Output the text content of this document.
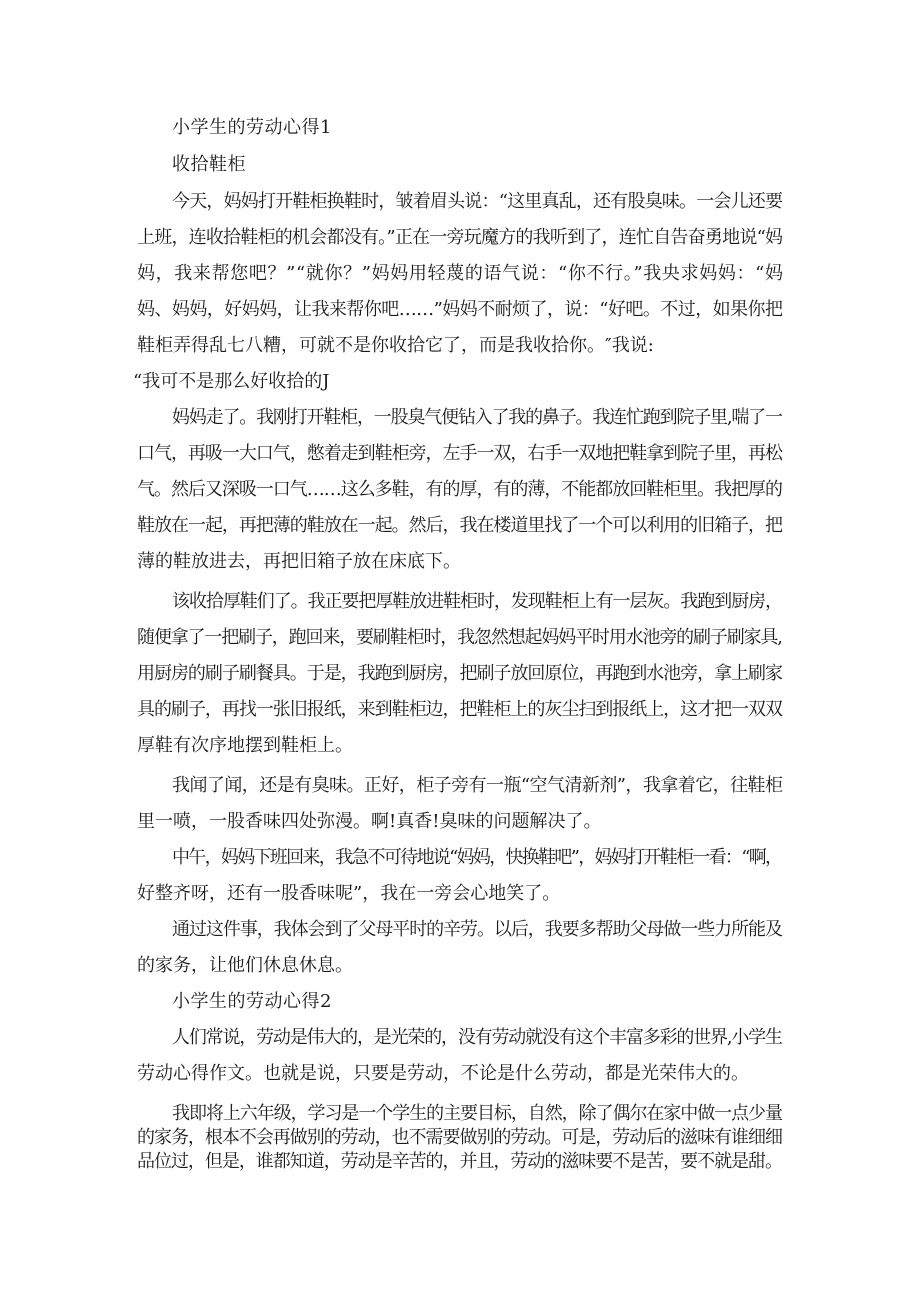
小学生的劳动心得1
收拾鞋柜
今天，妈妈打开鞋柜换鞋时，皱着眉头说：“这里真乱，还有股臭味。一会儿还要
上班，连收拾鞋柜的机会都没有。”正在一旁玩魔方的我听到了，连忙自告奋勇地说“妈
妈，我来帮您吧？”“就你？”妈妈用轻蔑的语气说：“你不行。”我央求妈妈：“妈
妈、妈妈，好妈妈，让我来帮你吧……”妈妈不耐烦了，说：“好吧。不过，如果你把
鞋柜弄得乱七八糟，可就不是你收拾它了，而是我收拾你。″我说:
“我可不是那么好收拾的J
妈妈走了。我刚打开鞋柜，一股臭气便钻入了我的鼻子。我连忙跑到院子里,喘了一
口气，再吸一大口气，憋着走到鞋柜旁，左手一双，右手一双地把鞋拿到院子里，再松
气。然后又深吸一口气……这么多鞋，有的厚，有的薄，不能都放回鞋柜里。我把厚的
鞋放在一起，再把薄的鞋放在一起。然后，我在楼道里找了一个可以利用的旧箱子，把
薄的鞋放进去，再把旧箱子放在床底下。
该收拾厚鞋们了。我正要把厚鞋放进鞋柜时，发现鞋柜上有一层灰。我跑到厨房，
随便拿了一把刷子，跑回来，要刷鞋柜时，我忽然想起妈妈平时用水池旁的刷子刷家具,
用厨房的刷子刷餐具。于是，我跑到厨房，把刷子放回原位，再跑到水池旁，拿上刷家
具的刷子，再找一张旧报纸，来到鞋柜边，把鞋柜上的灰尘扫到报纸上，这才把一双双
厚鞋有次序地摆到鞋柜上。
我闻了闻，还是有臭味。正好，柜子旁有一瓶“空气清新剂”，我拿着它，往鞋柜
里一喷，一股香味四处弥漫。啊!真香!臭味的问题解决了。
中午，妈妈下班回来，我急不可待地说“妈妈，快换鞋吧”，妈妈打开鞋柜一看：“啊，
好整齐呀，还有一股香味呢”，我在一旁会心地笑了。
通过这件事，我体会到了父母平时的辛劳。以后，我要多帮助父母做一些力所能及
的家务，让他们休息休息。
小学生的劳动心得2
人们常说，劳动是伟大的，是光荣的，没有劳动就没有这个丰富多彩的世界,小学生
劳动心得作文。也就是说，只要是劳动，不论是什么劳动，都是光荣伟大的。
我即将上六年级，学习是一个学生的主要目标，自然，除了偶尔在家中做一点少量
的家务，根本不会再做别的劳动，也不需要做别的劳动。可是，劳动后的滋味有谁细细
品位过，但是，谁都知道，劳动是辛苦的，并且，劳动的滋味要不是苦，要不就是甜。
